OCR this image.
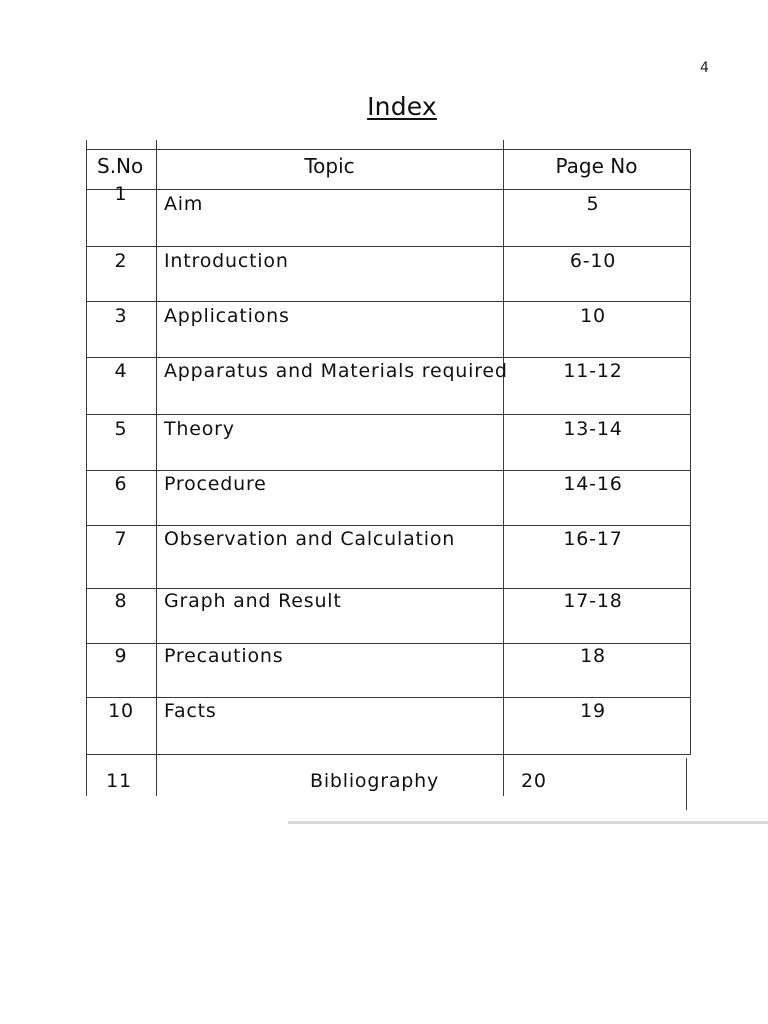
4
Index
S.No	Topic	Page No
1	Aim	5
2	Introduction	6-10
3	Applications	10
4	Apparatus and Materials required	11-12
5	Theory	13-14
6	Procedure	14-16
7	Observation and Calculation	16-17
8	Graph and Result	17-18
9	Precautions	18
10	Facts	19
11	Bibliography	20
